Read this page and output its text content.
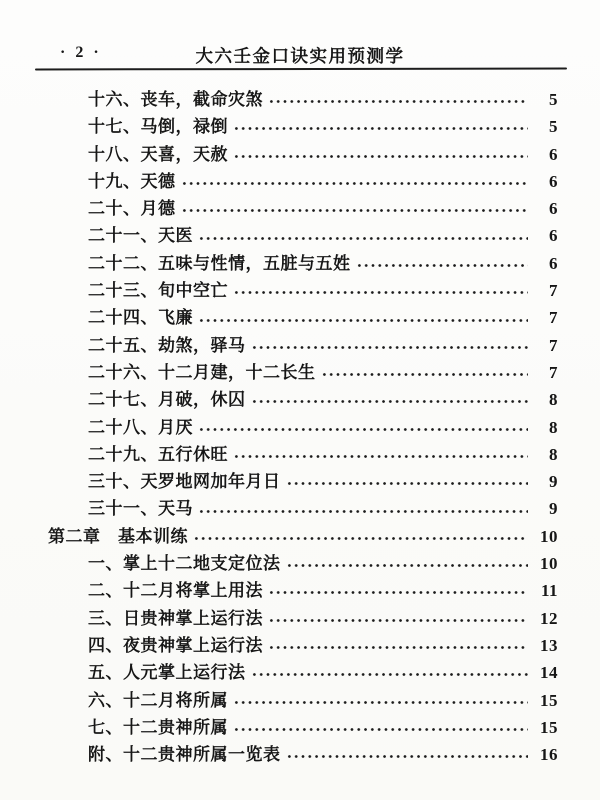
· 2 ·	大六壬金口诀实用预测学
十六、丧车，截命灾煞	5
十七、马倒，禄倒	5
十八、天喜，天赦	6
十九、天德	6
二十、月德	6
二十一、天医	6
二十二、五味与性情，五脏与五姓	6
二十三、旬中空亡	7
二十四、飞廉	7
二十五、劫煞，驿马	7
二十六、十二月建，十二长生	7
二十七、月破，休囚	8
二十八、月厌	8
二十九、五行休旺	8
三十、天罗地网加年月日	9
三十一、天马	9
第二章　基本训练	10
一、掌上十二地支定位法	10
二、十二月将掌上用法	11
三、日贵神掌上运行法	12
四、夜贵神掌上运行法	13
五、人元掌上运行法	14
六、十二月将所属	15
七、十二贵神所属	15
附、十二贵神所属一览表	16
